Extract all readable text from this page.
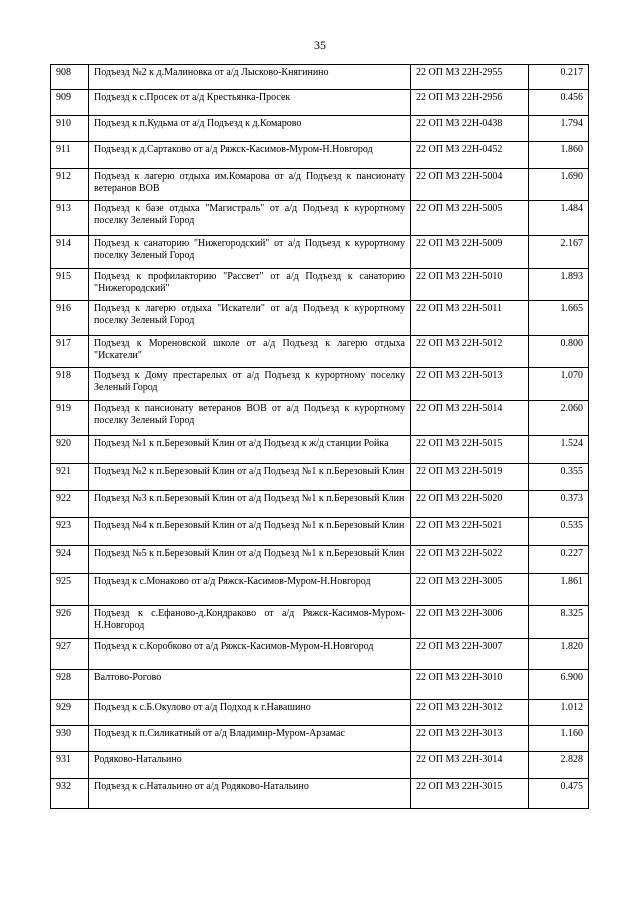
35
908	Подъезд №2 к д.Малиновка от а/д Лысково-Княгинино	22 ОП МЗ 22Н-2955	0.217
909	Подъезд к с.Просек от а/д Крестьянка-Просек	22 ОП МЗ 22Н-2956	0.456
910	Подъезд к п.Кудьма от а/д Подъезд к д.Комарово	22 ОП МЗ 22Н-0438	1.794
911	Подъезд к д.Сартаково от а/д Ряжск-Касимов-Муром-Н.Новгород	22 ОП МЗ 22Н-0452	1.860
912	Подъезд к лагерю отдыха им.Комарова от а/д Подъезд к пансионату ветеранов ВОВ	22 ОП МЗ 22Н-5004	1.690
913	Подъезд к базе отдыха "Магистраль" от а/д Подъезд к курортному поселку Зеленый Город	22 ОП МЗ 22Н-5005	1.484
914	Подъезд к санаторию "Нижегородский" от а/д Подъезд к курортному поселку Зеленый Город	22 ОП МЗ 22Н-5009	2.167
915	Подъезд к профилакторию "Рассвет" от а/д Подъезд к санаторию "Нижегородский"	22 ОП МЗ 22Н-5010	1.893
916	Подъезд к лагерю отдыха "Искатели" от а/д Подъезд к курортному поселку Зеленый Город	22 ОП МЗ 22Н-5011	1.665
917	Подъезд к Мореновской школе от а/д Подъезд к лагерю отдыха "Искатели"	22 ОП МЗ 22Н-5012	0.800
918	Подъезд к Дому престарелых от а/д Подъезд к курортному поселку Зеленый Город	22 ОП МЗ 22Н-5013	1.070
919	Подъезд к пансионату ветеранов ВОВ от а/д Подъезд к курортному поселку Зеленый Город	22 ОП МЗ 22Н-5014	2.060
920	Подъезд №1 к п.Березовый Клин от а/д Подъезд к ж/д станции Ройка	22 ОП МЗ 22Н-5015	1.524
921	Подъезд №2 к п.Березовый Клин от а/д Подъезд №1 к п.Березовый Клин	22 ОП МЗ 22Н-5019	0.355
922	Подъезд №3 к п.Березовый Клин от а/д Подъезд №1 к п.Березовый Клин	22 ОП МЗ 22Н-5020	0.373
923	Подъезд №4 к п.Березовый Клин от а/д Подъезд №1 к п.Березовый Клин	22 ОП МЗ 22Н-5021	0.535
924	Подъезд №5 к п.Березовый Клин от а/д Подъезд №1 к п.Березовый Клин	22 ОП МЗ 22Н-5022	0.227
925	Подъезд к с.Монаково от а/д Ряжск-Касимов-Муром-Н.Новгород	22 ОП МЗ 22Н-3005	1.861
926	Подъезд к с.Ефаново-д.Кондраково от а/д Ряжск-Касимов-Муром-Н.Новгород	22 ОП МЗ 22Н-3006	8.325
927	Подъезд к с.Коробково от а/д Ряжск-Касимов-Муром-Н.Новгород	22 ОП МЗ 22Н-3007	1.820
928	Валтово-Рогово	22 ОП МЗ 22Н-3010	6.900
929	Подъезд к с.Б.Окулово от а/д Подход к г.Навашино	22 ОП МЗ 22Н-3012	1.012
930	Подъезд к п.Силикатный от а/д Владимир-Муром-Арзамас	22 ОП МЗ 22Н-3013	1.160
931	Родяково-Натальино	22 ОП МЗ 22Н-3014	2.828
932	Подъезд к с.Натальино от а/д Родяково-Натальино	22 ОП МЗ 22Н-3015	0.475
